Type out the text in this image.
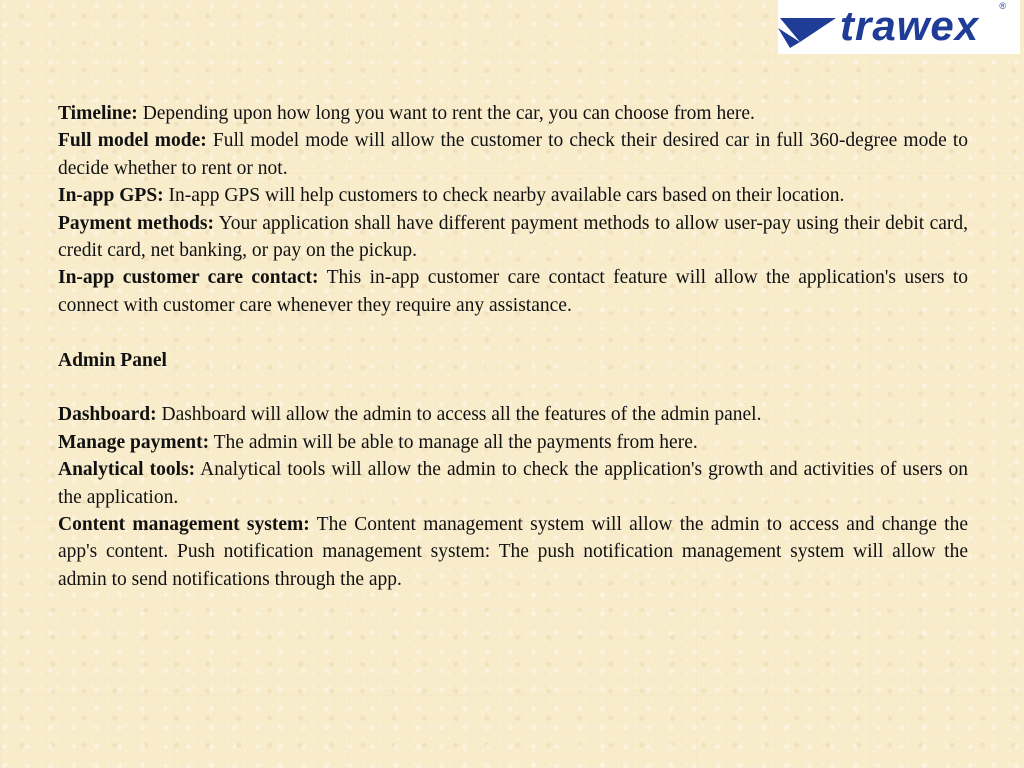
trawex ®

Timeline: Depending upon how long you want to rent the car, you can choose from here.

Full model mode: Full model mode will allow the customer to check their desired car in full 360-degree mode to decide whether to rent or not.

In-app GPS: In-app GPS will help customers to check nearby available cars based on their location.

Payment methods: Your application shall have different payment methods to allow user-pay using their debit card, credit card, net banking, or pay on the pickup.

In-app customer care contact: This in-app customer care contact feature will allow the application's users to connect with customer care whenever they require any assistance.

Admin Panel

Dashboard: Dashboard will allow the admin to access all the features of the admin panel.

Manage payment: The admin will be able to manage all the payments from here.

Analytical tools: Analytical tools will allow the admin to check the application's growth and activities of users on the application.

Content management system: The Content management system will allow the admin to access and change the app's content. Push notification management system: The push notification management system will allow the admin to send notifications through the app.
